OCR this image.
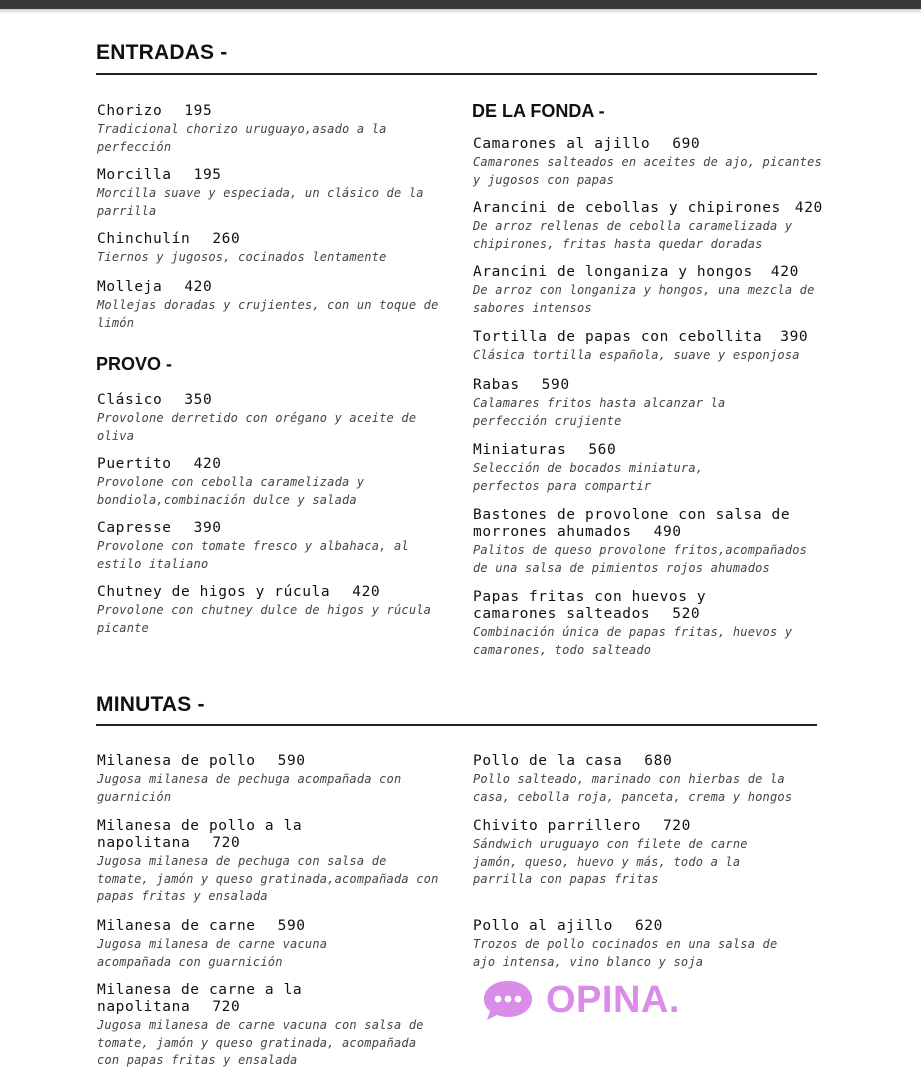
ENTRADAS -
Chorizo 195
Tradicional chorizo uruguayo,asado a la perfección
Morcilla 195
Morcilla suave y especiada, un clásico de la parrilla
Chinchulín 260
Tiernos y jugosos, cocinados lentamente
Molleja 420
Mollejas doradas y crujientes, con un toque de limón
PROVO -
Clásico 350
Provolone derretido con orégano y aceite de oliva
Puertito 420
Provolone con cebolla caramelizada y bondiola,combinación dulce y salada
Capresse 390
Provolone con tomate fresco y albahaca, al estilo italiano
Chutney de higos y rúcula 420
Provolone con chutney dulce de higos y rúcula picante
DE LA FONDA -
Camarones al ajillo 690
Camarones salteados en aceites de ajo, picantes y jugosos con papas
Arancini de cebollas y chipirones 420
De arroz rellenas de cebolla caramelizada y chipirones, fritas hasta quedar doradas
Arancini de longaniza y hongos 420
De arroz con longaniza y hongos, una mezcla de sabores intensos
Tortilla de papas con cebollita 390
Clásica tortilla española, suave y esponjosa
Rabas 590
Calamares fritos hasta alcanzar la perfección crujiente
Miniaturas 560
Selección de bocados miniatura, perfectos para compartir
Bastones de provolone con salsa de morrones ahumados 490
Palitos de queso provolone fritos,acompañados de una salsa de pimientos rojos ahumados
Papas fritas con huevos y camarones salteados 520
Combinación única de papas fritas, huevos y camarones, todo salteado
MINUTAS -
Milanesa de pollo 590
Jugosa milanesa de pechuga acompañada con guarnición
Milanesa de pollo a la napolitana 720
Jugosa milanesa de pechuga con salsa de tomate, jamón y queso gratinada,acompañada con papas fritas y ensalada
Milanesa de carne 590
Jugosa milanesa de carne vacuna acompañada con guarnición
Milanesa de carne a la napolitana 720
Jugosa milanesa de carne vacuna con salsa de tomate, jamón y queso gratinada, acompañada con papas fritas y ensalada
Pollo de la casa 680
Pollo salteado, marinado con hierbas de la casa, cebolla roja, panceta, crema y hongos
Chivito parrillero 720
Sándwich uruguayo con filete de carne jamón, queso, huevo y más, todo a la parrilla con papas fritas
Pollo al ajillo 620
Trozos de pollo cocinados en una salsa de ajo intensa, vino blanco y soja
OPINA.
